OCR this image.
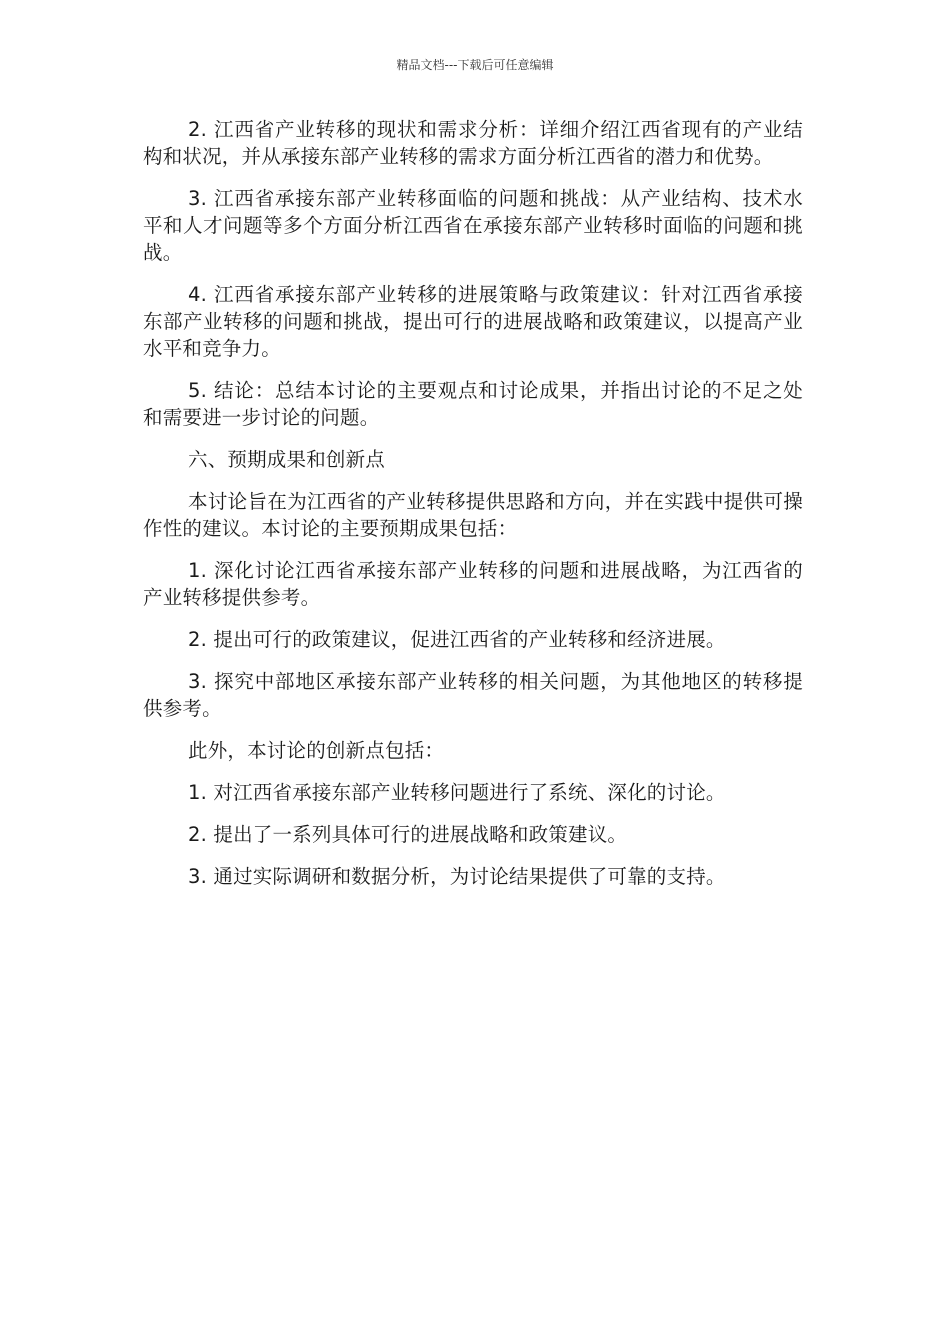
精品文档---下载后可任意编辑

2. 江西省产业转移的现状和需求分析：详细介绍江西省现有的产业结构和状况，并从承接东部产业转移的需求方面分析江西省的潜力和优势。

3. 江西省承接东部产业转移面临的问题和挑战：从产业结构、技术水平和人才问题等多个方面分析江西省在承接东部产业转移时面临的问题和挑战。

4. 江西省承接东部产业转移的进展策略与政策建议：针对江西省承接东部产业转移的问题和挑战，提出可行的进展战略和政策建议，以提高产业水平和竞争力。

5. 结论：总结本讨论的主要观点和讨论成果，并指出讨论的不足之处和需要进一步讨论的问题。

六、预期成果和创新点

本讨论旨在为江西省的产业转移提供思路和方向，并在实践中提供可操作性的建议。本讨论的主要预期成果包括：

1. 深化讨论江西省承接东部产业转移的问题和进展战略，为江西省的产业转移提供参考。

2. 提出可行的政策建议，促进江西省的产业转移和经济进展。

3. 探究中部地区承接东部产业转移的相关问题，为其他地区的转移提供参考。

此外，本讨论的创新点包括：

1. 对江西省承接东部产业转移问题进行了系统、深化的讨论。

2. 提出了一系列具体可行的进展战略和政策建议。

3. 通过实际调研和数据分析，为讨论结果提供了可靠的支持。
